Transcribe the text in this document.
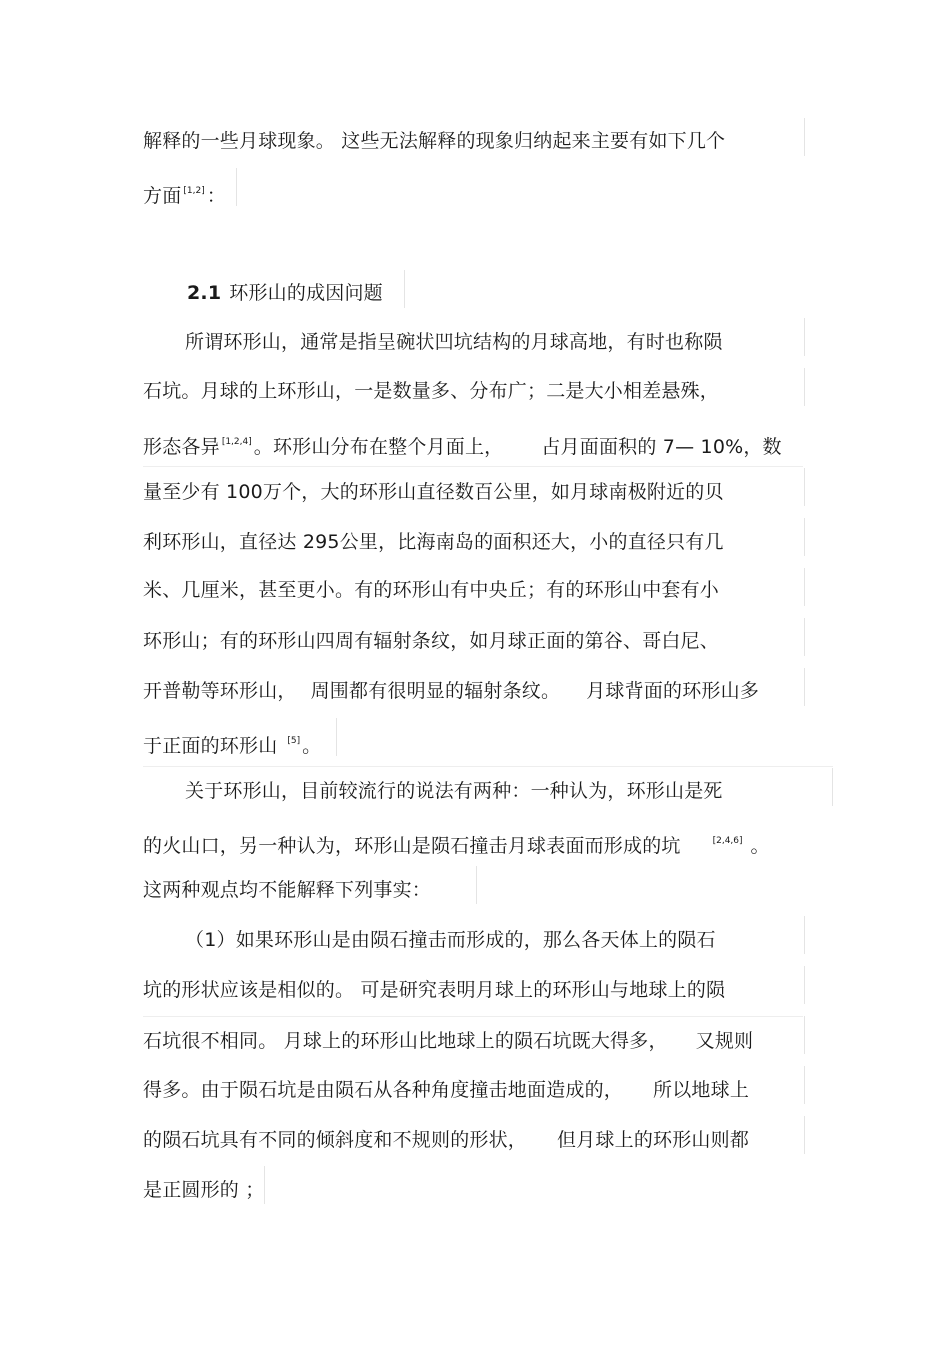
解释的一些月球现象。 这些无法解释的现象归纳起来主要有如下几个
方面 [1,2] ：
2.1 环形山的成因问题
所谓环形山，通常是指呈碗状凹坑结构的月球高地，有时也称陨
石坑。月球的上环形山，一是数量多、分布广；二是大小相差悬殊，
形态各异 [1,2,4] 。环形山分布在整个月面上， 占月面面积的 7— 10%，数
量至少有 100万个，大的环形山直径数百公里，如月球南极附近的贝
利环形山，直径达 295公里，比海南岛的面积还大，小的直径只有几
米、几厘米，甚至更小。有的环形山有中央丘；有的环形山中套有小
环形山；有的环形山四周有辐射条纹，如月球正面的第谷、哥白尼、
开普勒等环形山， 周围都有很明显的辐射条纹。 月球背面的环形山多
于正面的环形山 [5] 。
关于环形山，目前较流行的说法有两种：一种认为，环形山是死
的火山口，另一种认为，环形山是陨石撞击月球表面而形成的坑	[2,4,6] 。
这两种观点均不能解释下列事实：
（1）如果环形山是由陨石撞击而形成的，那么各天体上的陨石
坑的形状应该是相似的。 可是研究表明月球上的环形山与地球上的陨
石坑很不相同。 月球上的环形山比地球上的陨石坑既大得多， 又规则
得多。由于陨石坑是由陨石从各种角度撞击地面造成的， 所以地球上
的陨石坑具有不同的倾斜度和不规则的形状， 但月球上的环形山则都
是正圆形的 ；
